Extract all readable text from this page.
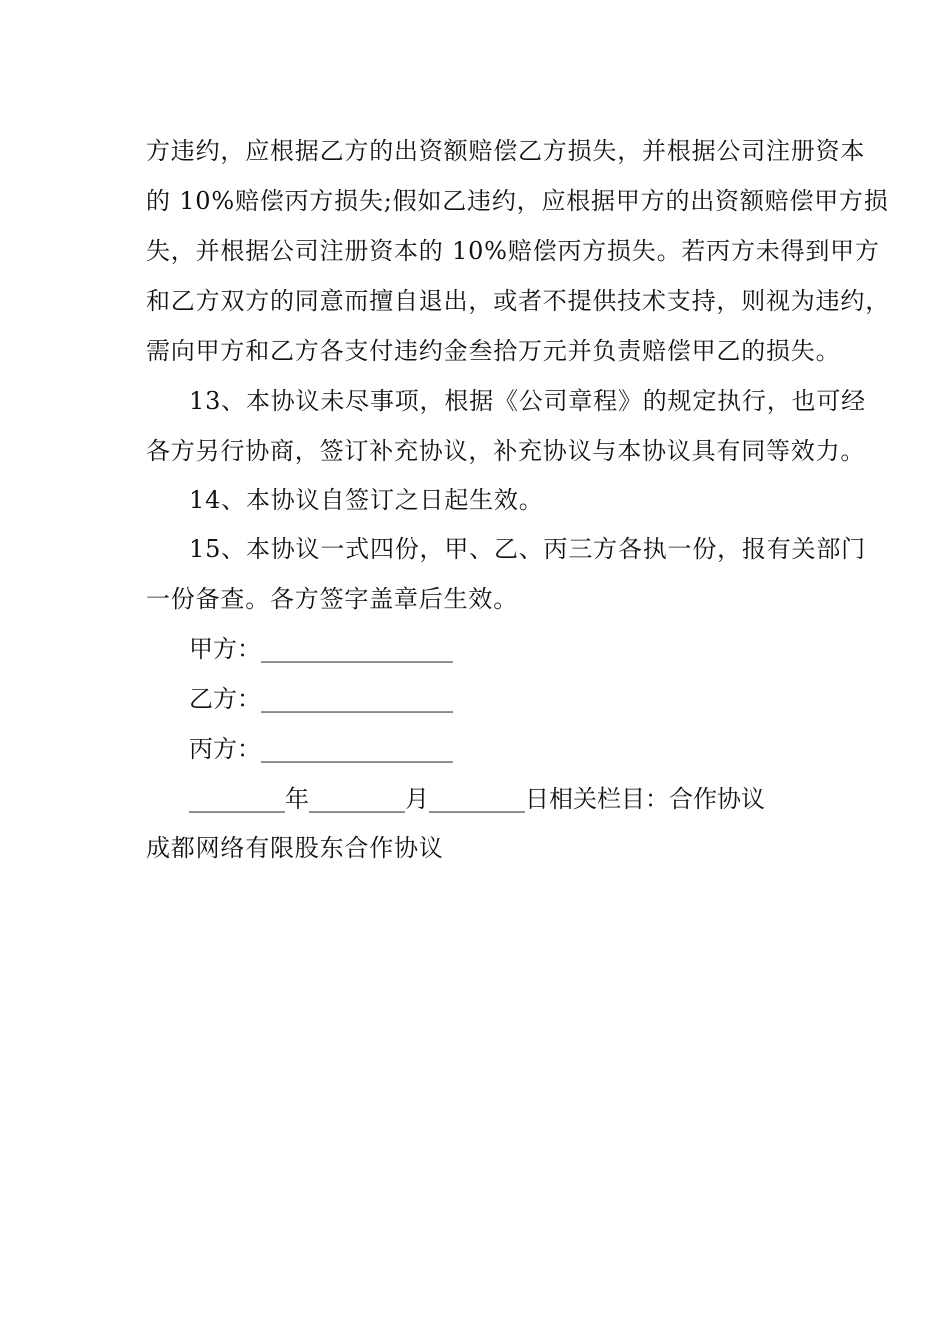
方违约，应根据乙方的出资额赔偿乙方损失，并根据公司注册资本
的 10%赔偿丙方损失;假如乙违约，应根据甲方的出资额赔偿甲方损
失，并根据公司注册资本的 10%赔偿丙方损失。若丙方未得到甲方
和乙方双方的同意而擅自退出，或者不提供技术支持，则视为违约，
需向甲方和乙方各支付违约金叁拾万元并负责赔偿甲乙的损失。
13、本协议未尽事项，根据《公司章程》的规定执行，也可经
各方另行协商，签订补充协议，补充协议与本协议具有同等效力。
14、本协议自签订之日起生效。
15、本协议一式四份，甲、乙、丙三方各执一份，报有关部门
一份备查。各方签字盖章后生效。
甲方：________________
乙方：________________
丙方：________________
________年________月________日相关栏目：合作协议
成都网络有限股东合作协议
